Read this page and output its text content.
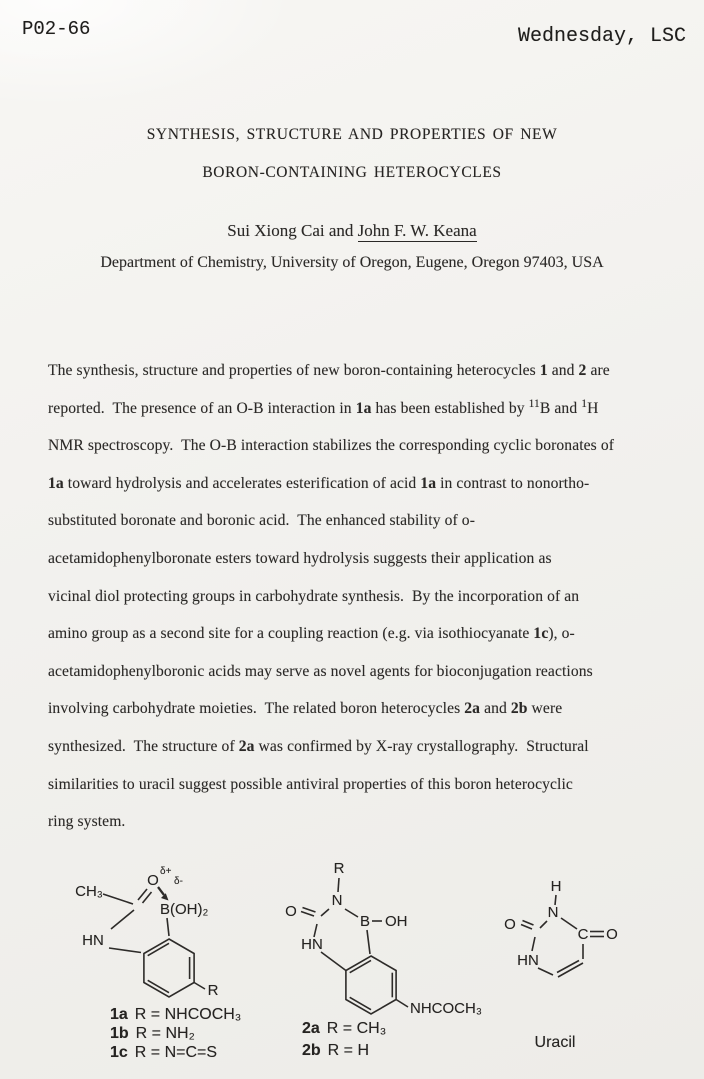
P02-66	Wednesday, LSC
SYNTHESIS, STRUCTURE AND PROPERTIES OF NEW
BORON-CONTAINING HETEROCYCLES
Sui Xiong Cai and John F. W. Keana
Department of Chemistry, University of Oregon, Eugene, Oregon 97403, USA
The synthesis, structure and properties of new boron-containing heterocycles 1 and 2 are
reported.  The presence of an O-B interaction in 1a has been established by $^{11}$B and $^1$H
NMR spectroscopy.  The O-B interaction stabilizes the corresponding cyclic boronates of
1a toward hydrolysis and accelerates esterification of acid 1a in contrast to nonortho-
substituted boronate and boronic acid.  The enhanced stability of o-
acetamidophenylboronate esters toward hydrolysis suggests their application as
vicinal diol protecting groups in carbohydrate synthesis.  By the incorporation of an
amino group as a second site for a coupling reaction (e.g. via isothiocyanate 1c), o-
acetamidophenylboronic acids may serve as novel agents for bioconjugation reactions
involving carbohydrate moieties.  The related boron heterocycles 2a and 2b were
synthesized.  The structure of 2a was confirmed by X-ray crystallography.  Structural
similarities to uracil suggest possible antiviral properties of this boron heterocyclic
ring system.
CH₃
O
δ+
δ-
B(OH)₂
HN
R
1a R = NHCOCH₃
1b R = NH₂
1c R = N=C=S
R
N
O
HN
B OH
NHCOCH₃
2a R = CH₃
2b R = H
H
N
O
HN
C O
Uracil
